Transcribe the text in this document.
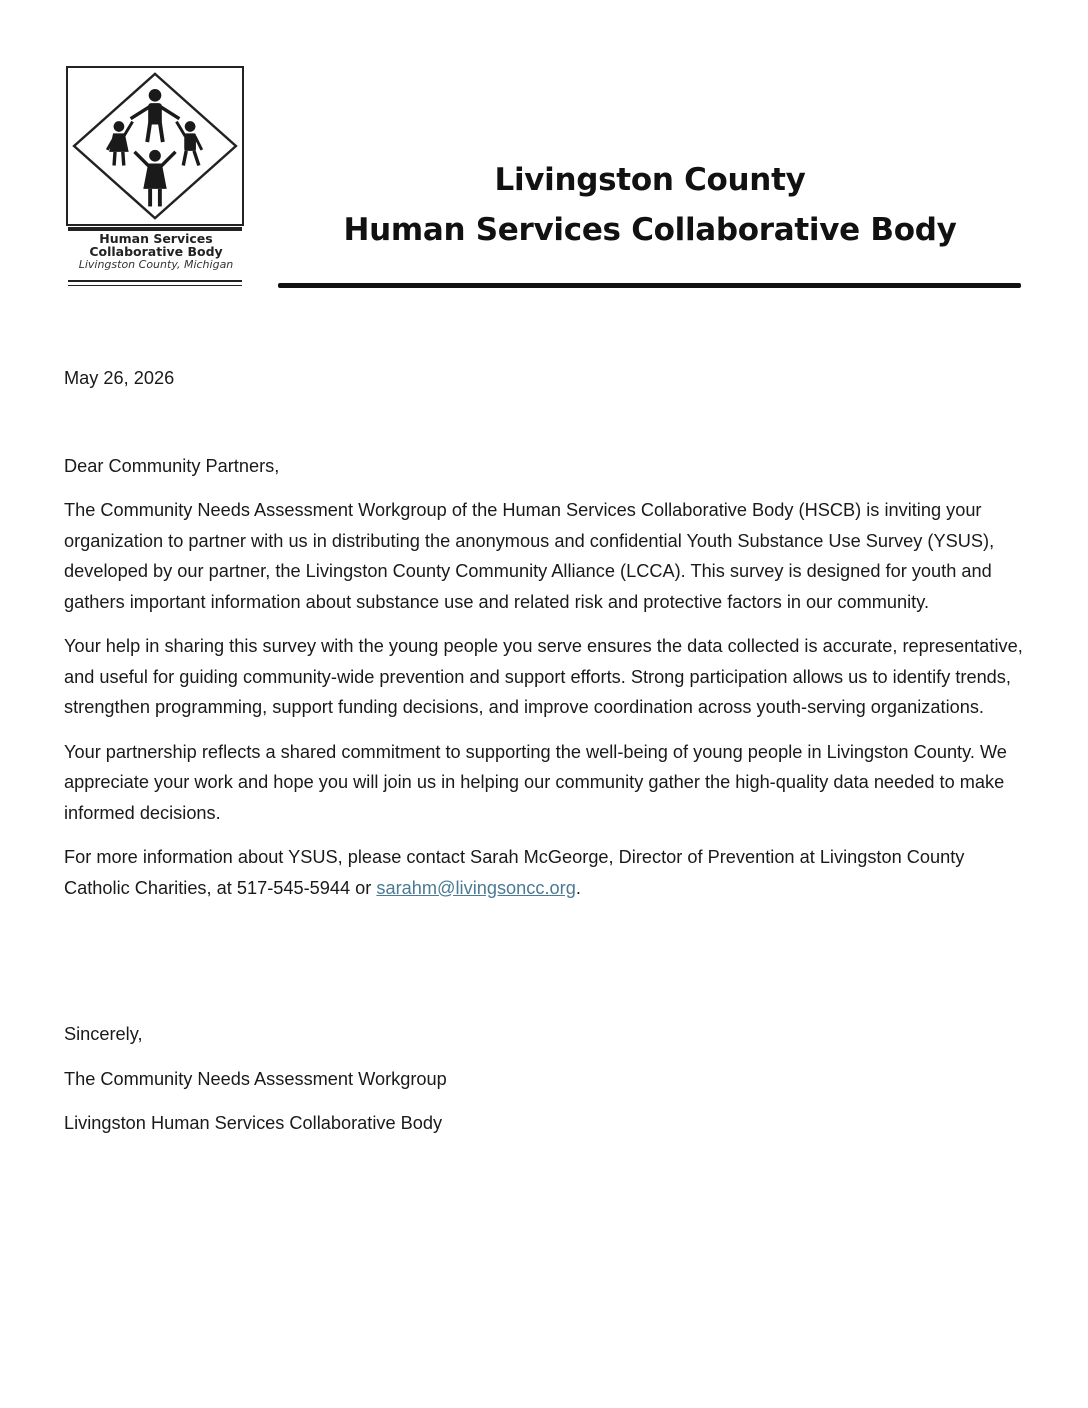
Human Services
Collaborative Body
Livingston County, Michigan
Livingston County
Human Services Collaborative Body

May 26, 2026

Dear Community Partners,

The Community Needs Assessment Workgroup of the Human Services Collaborative Body (HSCB) is inviting your organization to partner with us in distributing the anonymous and confidential Youth Substance Use Survey (YSUS), developed by our partner, the Livingston County Community Alliance (LCCA). This survey is designed for youth and gathers important information about substance use and related risk and protective factors in our community.

Your help in sharing this survey with the young people you serve ensures the data collected is accurate, representative, and useful for guiding community-wide prevention and support efforts. Strong participation allows us to identify trends, strengthen programming, support funding decisions, and improve coordination across youth-serving organizations.

Your partnership reflects a shared commitment to supporting the well-being of young people in Livingston County. We appreciate your work and hope you will join us in helping our community gather the high-quality data needed to make informed decisions.

For more information about YSUS, please contact Sarah McGeorge, Director of Prevention at Livingston County Catholic Charities, at 517-545-5944 or sarahm@livingsoncc.org.

Sincerely,

The Community Needs Assessment Workgroup

Livingston Human Services Collaborative Body
